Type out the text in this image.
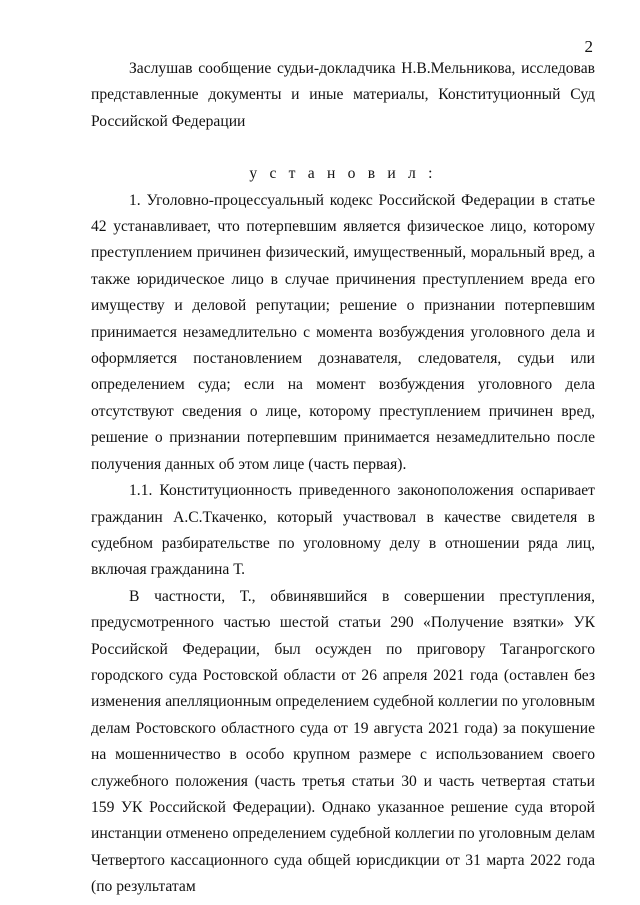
2

Заслушав сообщение судьи-докладчика Н.В.Мельникова, исследовав представленные документы и иные материалы, Конституционный Суд Российской Федерации

у с т а н о в и л :

1. Уголовно-процессуальный кодекс Российской Федерации в статье 42 устанавливает, что потерпевшим является физическое лицо, которому преступлением причинен физический, имущественный, моральный вред, а также юридическое лицо в случае причинения преступлением вреда его имуществу и деловой репутации; решение о признании потерпевшим принимается незамедлительно с момента возбуждения уголовного дела и оформляется постановлением дознавателя, следователя, судьи или определением суда; если на момент возбуждения уголовного дела отсутствуют сведения о лице, которому преступлением причинен вред, решение о признании потерпевшим принимается незамедлительно после получения данных об этом лице (часть первая).

1.1. Конституционность приведенного законоположения оспаривает гражданин А.С.Ткаченко, который участвовал в качестве свидетеля в судебном разбирательстве по уголовному делу в отношении ряда лиц, включая гражданина Т.

В частности, Т., обвинявшийся в совершении преступления, предусмотренного частью шестой статьи 290 «Получение взятки» УК Российской Федерации, был осужден по приговору Таганрогского городского суда Ростовской области от 26 апреля 2021 года (оставлен без изменения апелляционным определением судебной коллегии по уголовным делам Ростовского областного суда от 19 августа 2021 года) за покушение на мошенничество в особо крупном размере с использованием своего служебного положения (часть третья статьи 30 и часть четвертая статьи 159 УК Российской Федерации). Однако указанное решение суда второй инстанции отменено определением судебной коллегии по уголовным делам Четвертого кассационного суда общей юрисдикции от 31 марта 2022 года (по результатам
